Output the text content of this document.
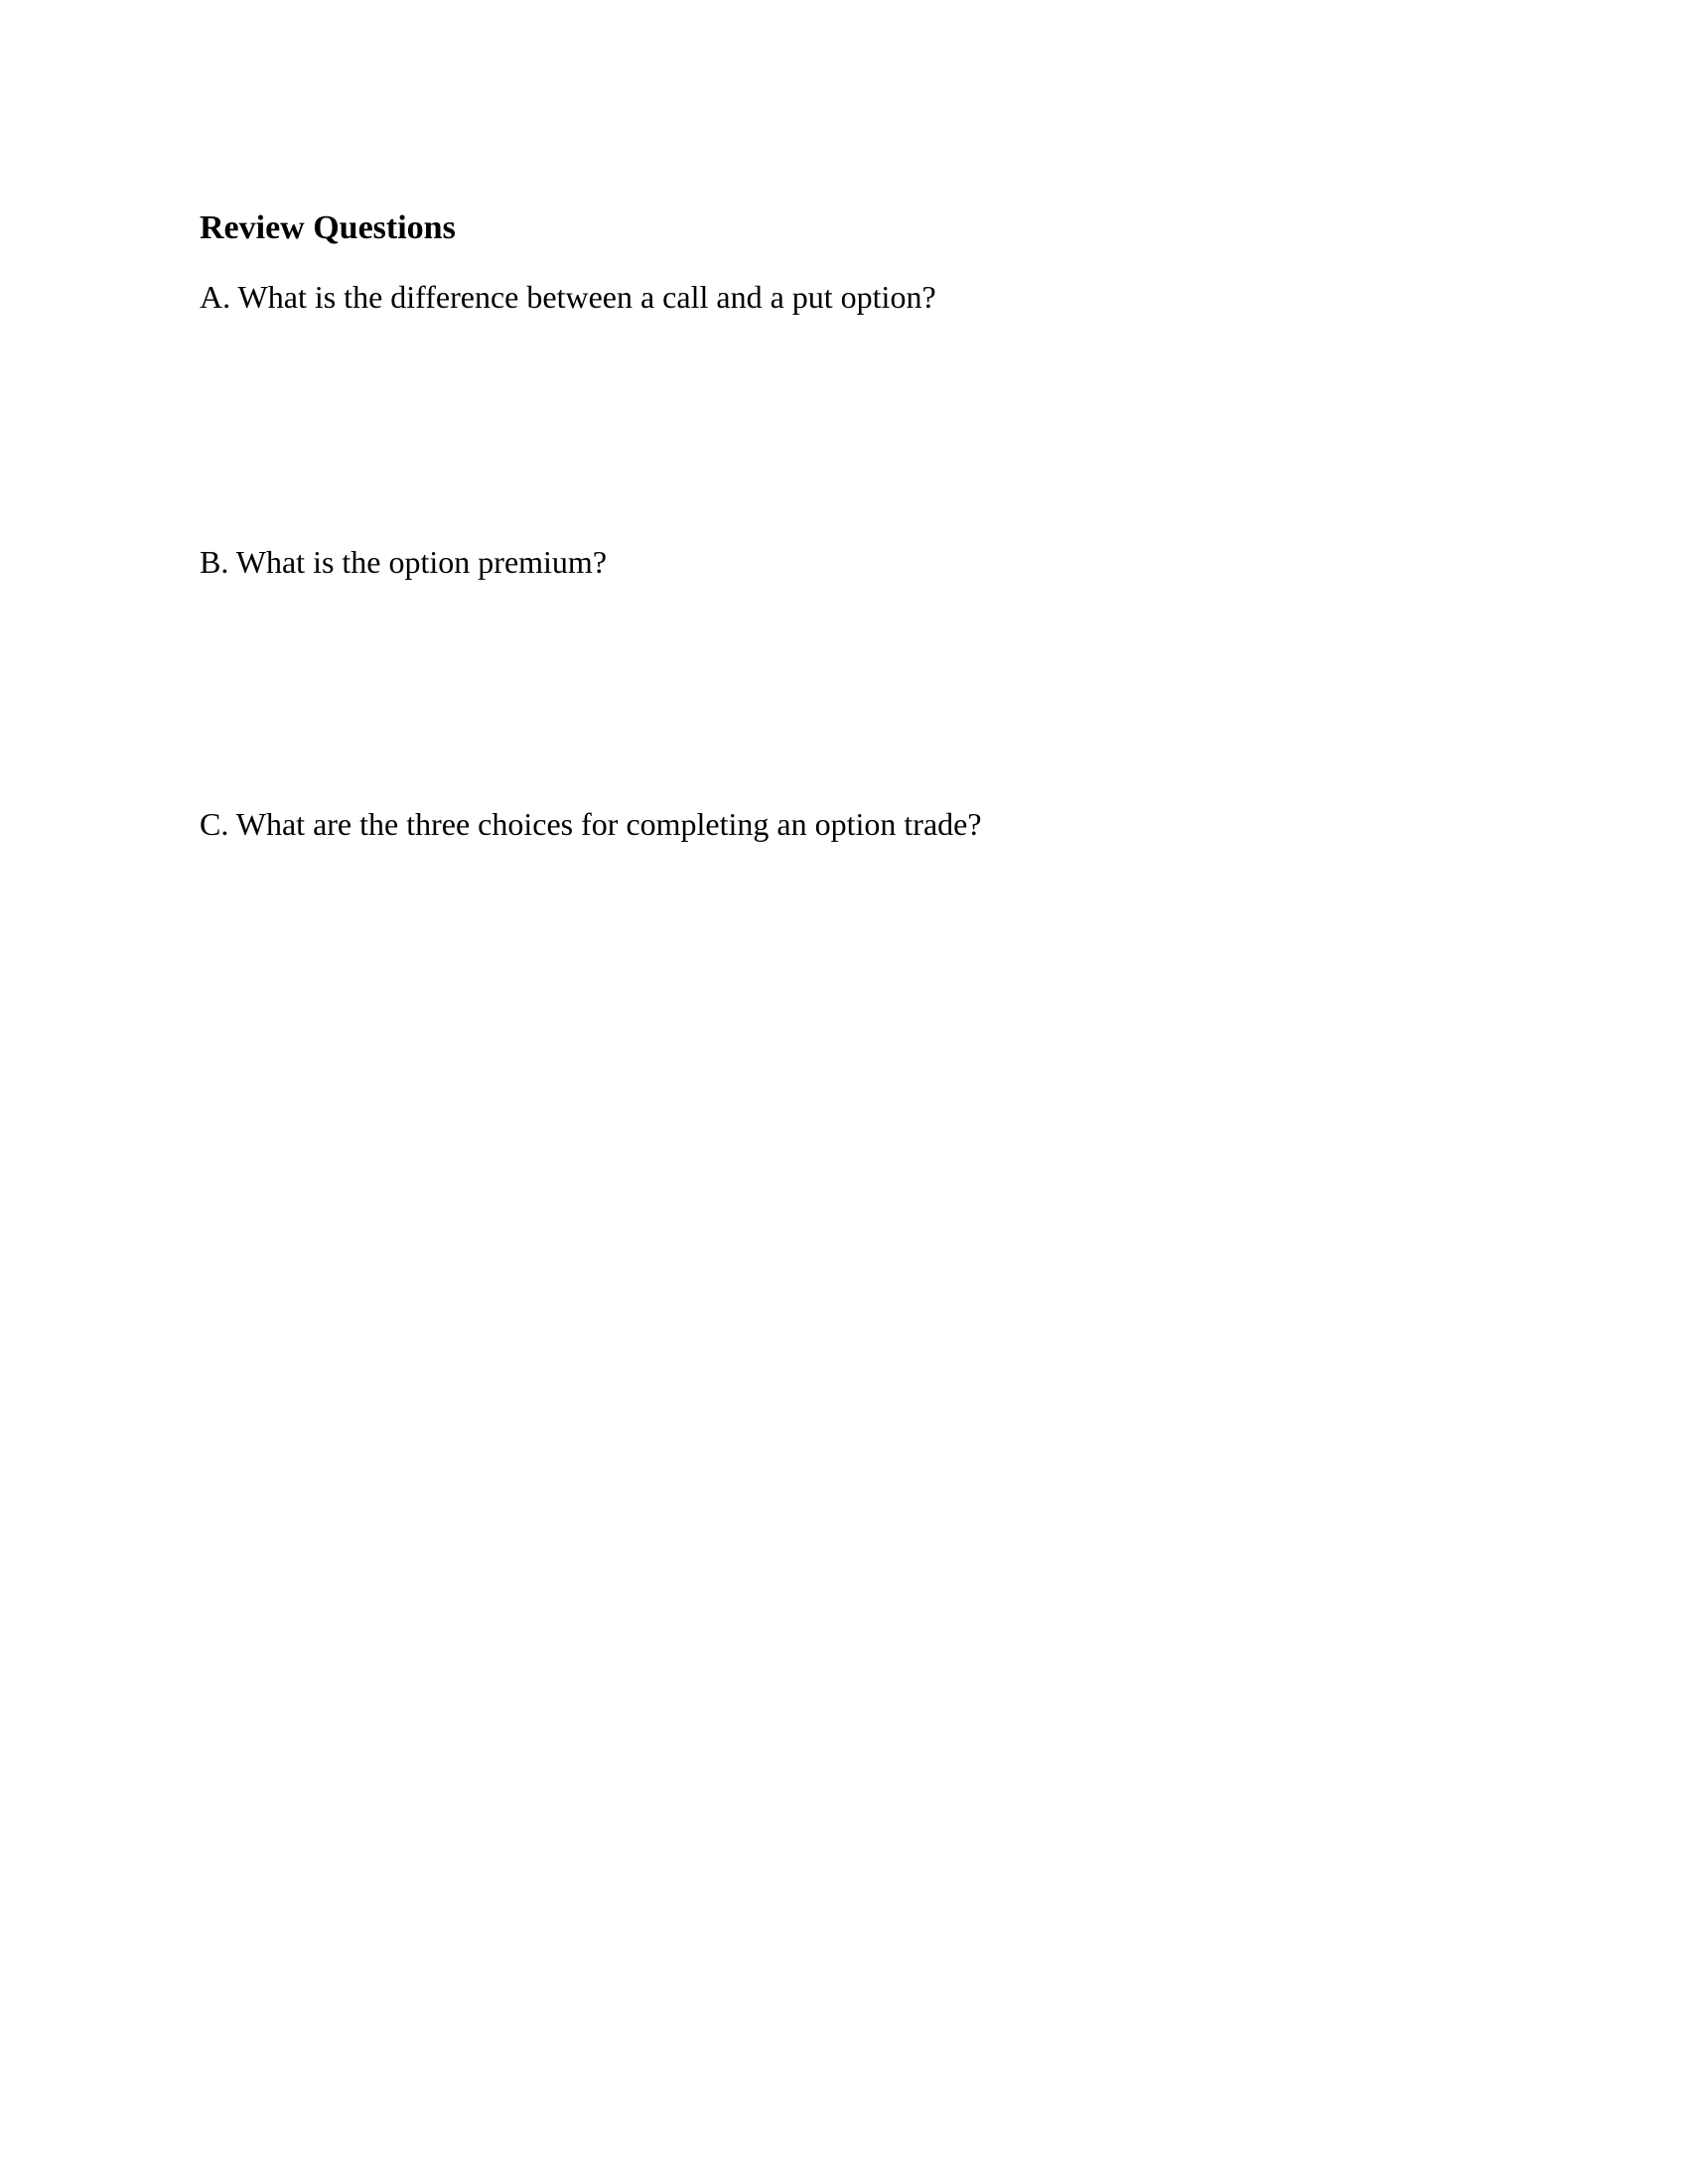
Review Questions

A. What is the difference between a call and a put option?

B. What is the option premium?

C. What are the three choices for completing an option trade?
